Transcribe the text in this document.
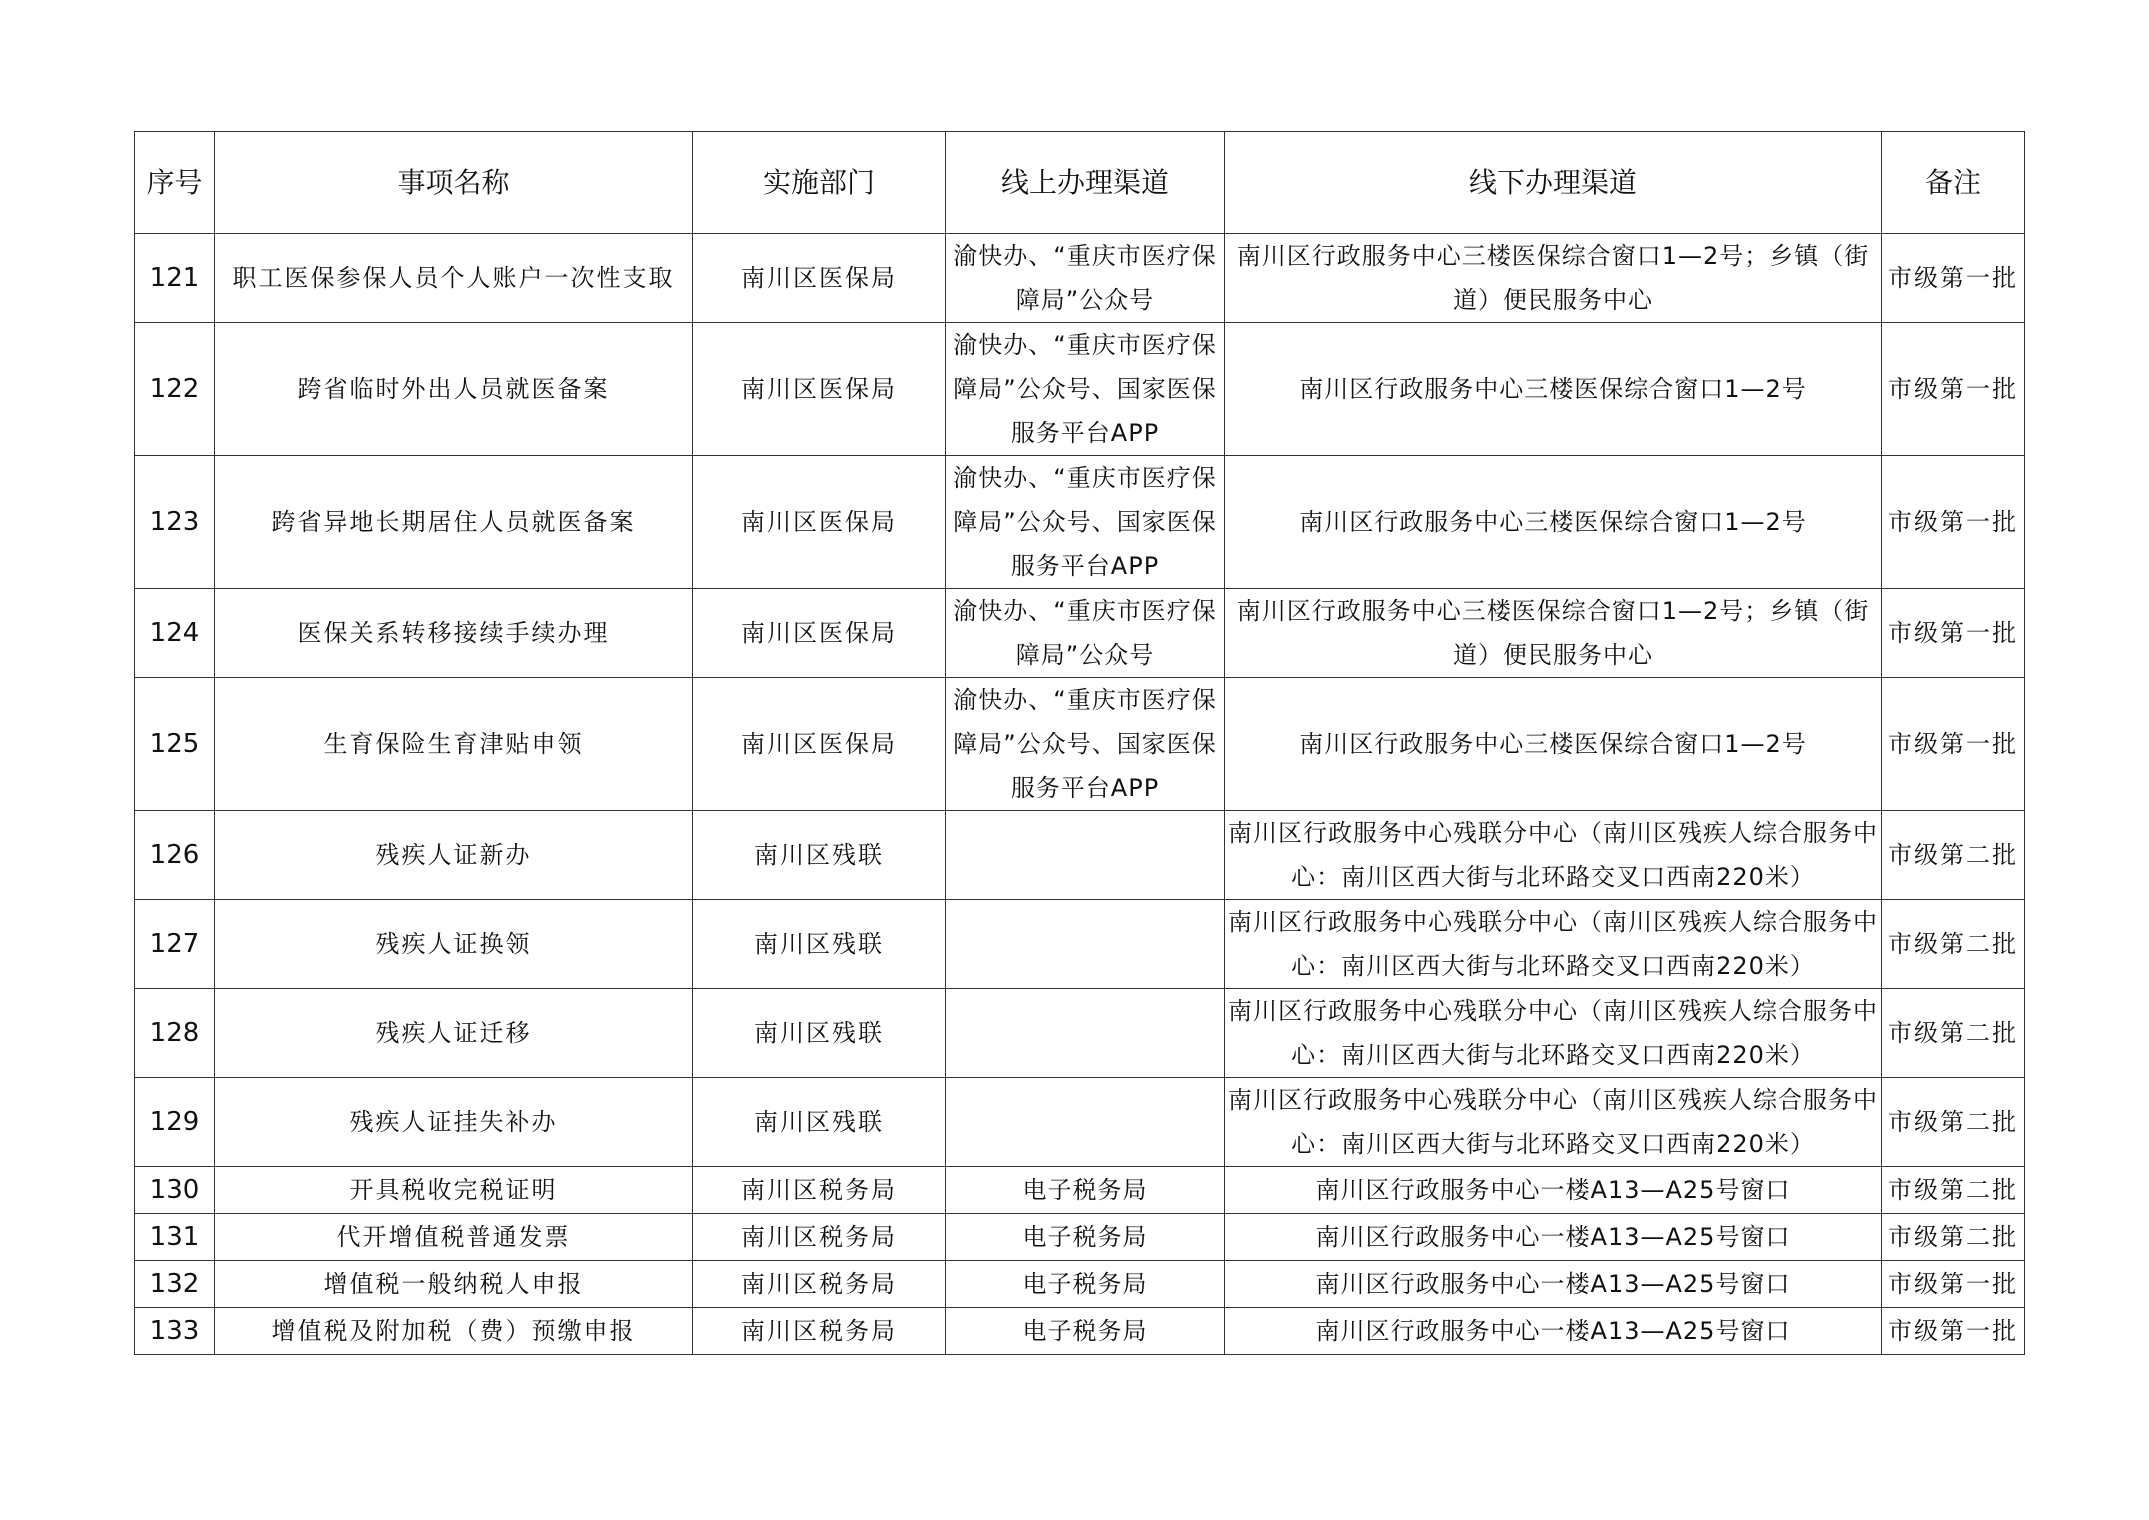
序号	事项名称	实施部门	线上办理渠道	线下办理渠道	备注
121	职工医保参保人员个人账户一次性支取	南川区医保局	渝快办、“重庆市医疗保障局”公众号	南川区行政服务中心三楼医保综合窗口1—2号；乡镇（街道）便民服务中心	市级第一批
122	跨省临时外出人员就医备案	南川区医保局	渝快办、“重庆市医疗保障局”公众号、国家医保服务平台APP	南川区行政服务中心三楼医保综合窗口1—2号	市级第一批
123	跨省异地长期居住人员就医备案	南川区医保局	渝快办、“重庆市医疗保障局”公众号、国家医保服务平台APP	南川区行政服务中心三楼医保综合窗口1—2号	市级第一批
124	医保关系转移接续手续办理	南川区医保局	渝快办、“重庆市医疗保障局”公众号	南川区行政服务中心三楼医保综合窗口1—2号；乡镇（街道）便民服务中心	市级第一批
125	生育保险生育津贴申领	南川区医保局	渝快办、“重庆市医疗保障局”公众号、国家医保服务平台APP	南川区行政服务中心三楼医保综合窗口1—2号	市级第一批
126	残疾人证新办	南川区残联		南川区行政服务中心残联分中心（南川区残疾人综合服务中心：南川区西大街与北环路交叉口西南220米）	市级第二批
127	残疾人证换领	南川区残联		南川区行政服务中心残联分中心（南川区残疾人综合服务中心：南川区西大街与北环路交叉口西南220米）	市级第二批
128	残疾人证迁移	南川区残联		南川区行政服务中心残联分中心（南川区残疾人综合服务中心：南川区西大街与北环路交叉口西南220米）	市级第二批
129	残疾人证挂失补办	南川区残联		南川区行政服务中心残联分中心（南川区残疾人综合服务中心：南川区西大街与北环路交叉口西南220米）	市级第二批
130	开具税收完税证明	南川区税务局	电子税务局	南川区行政服务中心一楼A13—A25号窗口	市级第二批
131	代开增值税普通发票	南川区税务局	电子税务局	南川区行政服务中心一楼A13—A25号窗口	市级第二批
132	增值税一般纳税人申报	南川区税务局	电子税务局	南川区行政服务中心一楼A13—A25号窗口	市级第一批
133	增值税及附加税（费）预缴申报	南川区税务局	电子税务局	南川区行政服务中心一楼A13—A25号窗口	市级第一批
